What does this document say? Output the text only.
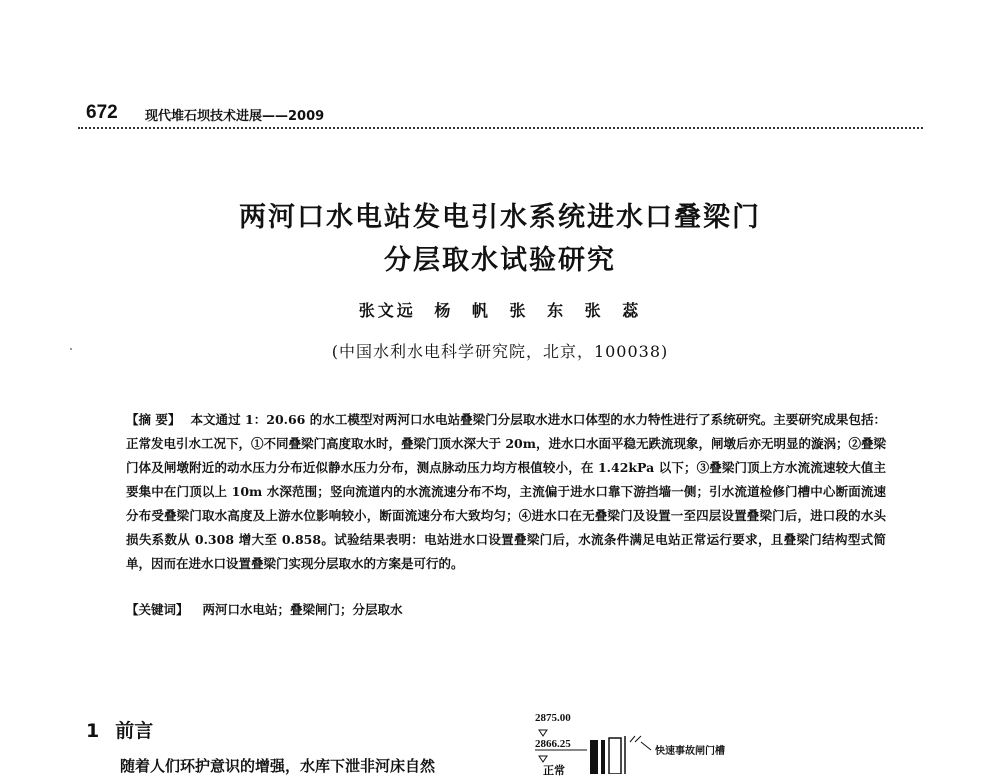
672 现代堆石坝技术进展——2009
两河口水电站发电引水系统进水口叠梁门
分层取水试验研究
张文远 杨 帆 张 东 张 蕊
(中国水利水电科学研究院，北京，100038)
【摘 要】 本文通过 1：20.66 的水工模型对两河口水电站叠梁门分层取水进水口体型的水力特性进行了系统研究。主要研究成果包括：正常发电引水工况下，①不同叠梁门高度取水时，叠梁门顶水深大于 20m，进水口水面平稳无跌流现象，闸墩后亦无明显的漩涡；②叠梁门体及闸墩附近的动水压力分布近似静水压力分布，测点脉动压力均方根值较小，在 1.42kPa 以下；③叠梁门顶上方水流流速较大值主要集中在门顶以上 10m 水深范围；竖向流道内的水流流速分布不均，主流偏于进水口靠下游挡墙一侧；引水流道检修门槽中心断面流速分布受叠梁门取水高度及上游水位影响较小，断面流速分布大致均匀；④进水口在无叠梁门及设置一至四层设置叠梁门后，进口段的水头损失系数从 0.308 增大至 0.858。试验结果表明：电站进水口设置叠梁门后，水流条件满足电站正常运行要求，且叠梁门结构型式简单，因而在进水口设置叠梁门实现分层取水的方案是可行的。
【关键词】 两河口水电站；叠梁闸门；分层取水
1 前言
随着人们环护意识的增强，水库下泄非河床自然
2875.00
2866.25
正常
快速事故闸门槽
